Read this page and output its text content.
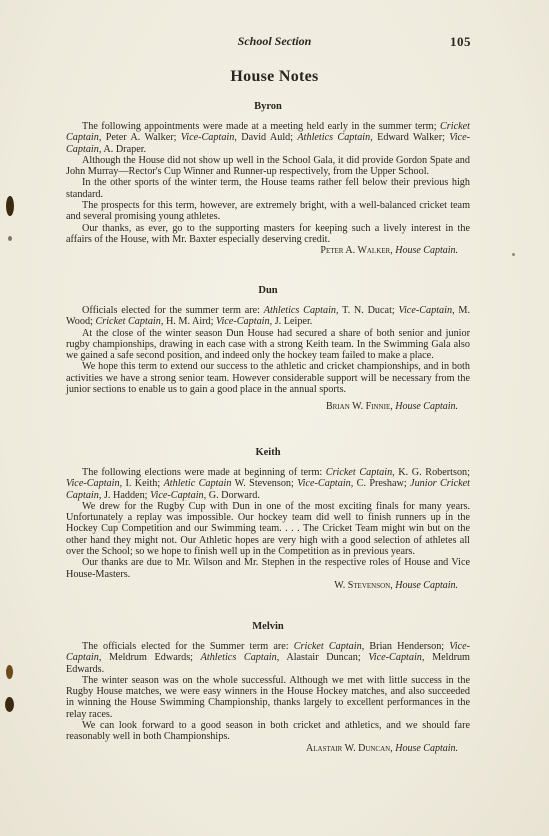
School Section	105
House Notes

Byron

The following appointments were made at a meeting held early in the summer term; Cricket Captain, Peter A. Walker; Vice-Captain, David Auld; Athletics Captain, Edward Walker; Vice-Captain, A. Draper.

Although the House did not show up well in the School Gala, it did provide Gordon Spate and John Murray—Rector's Cup Winner and Runner-up respectively, from the Upper School.

In the other sports of the winter term, the House teams rather fell below their previous high standard.

The prospects for this term, however, are extremely bright, with a well-balanced cricket team and several promising young athletes.

Our thanks, as ever, go to the supporting masters for keeping such a lively interest in the affairs of the House, with Mr. Baxter especially deserving credit.

Peter A. Walker, House Captain.

Dun

Officials elected for the summer term are: Athletics Captain, T. N. Ducat; Vice-Captain, M. Wood; Cricket Captain, H. M. Aird; Vice-Captain, J. Leiper.

At the close of the winter season Dun House had secured a share of both senior and junior rugby championships, drawing in each case with a strong Keith team. In the Swimming Gala also we gained a safe second position, and indeed only the hockey team failed to make a place.

We hope this term to extend our success to the athletic and cricket championships, and in both activities we have a strong senior team. However considerable support will be necessary from the junior sections to enable us to gain a good place in the annual sports.

Brian W. Finnie, House Captain.

Keith

The following elections were made at beginning of term: Cricket Captain, K. G. Robertson; Vice-Captain, I. Keith; Athletic Captain W. Stevenson; Vice-Captain, C. Preshaw; Junior Cricket Captain, J. Hadden; Vice-Captain, G. Dorward.

We drew for the Rugby Cup with Dun in one of the most exciting finals for many years. Unfortunately a replay was impossible. Our hockey team did well to finish runners up in the Hockey Cup Competition and our Swimming team. . . . The Cricket Team might win but on the other hand they might not. Our Athletic hopes are very high with a good selection of athletes all over the School; so we hope to finish well up in the Competition as in previous years.

Our thanks are due to Mr. Wilson and Mr. Stephen in the respective roles of House and Vice House-Masters.

W. Stevenson, House Captain.

Melvin

The officials elected for the Summer term are: Cricket Captain, Brian Henderson; Vice-Captain, Meldrum Edwards; Athletics Captain, Alastair Duncan; Vice-Captain, Meldrum Edwards.

The winter season was on the whole successful. Although we met with little success in the Rugby House matches, we were easy winners in the House Hockey matches, and also succeeded in winning the House Swimming Championship, thanks largely to excellent performances in the relay races.

We can look forward to a good season in both cricket and athletics, and we should fare reasonably well in both Championships.

Alastair W. Duncan, House Captain.
